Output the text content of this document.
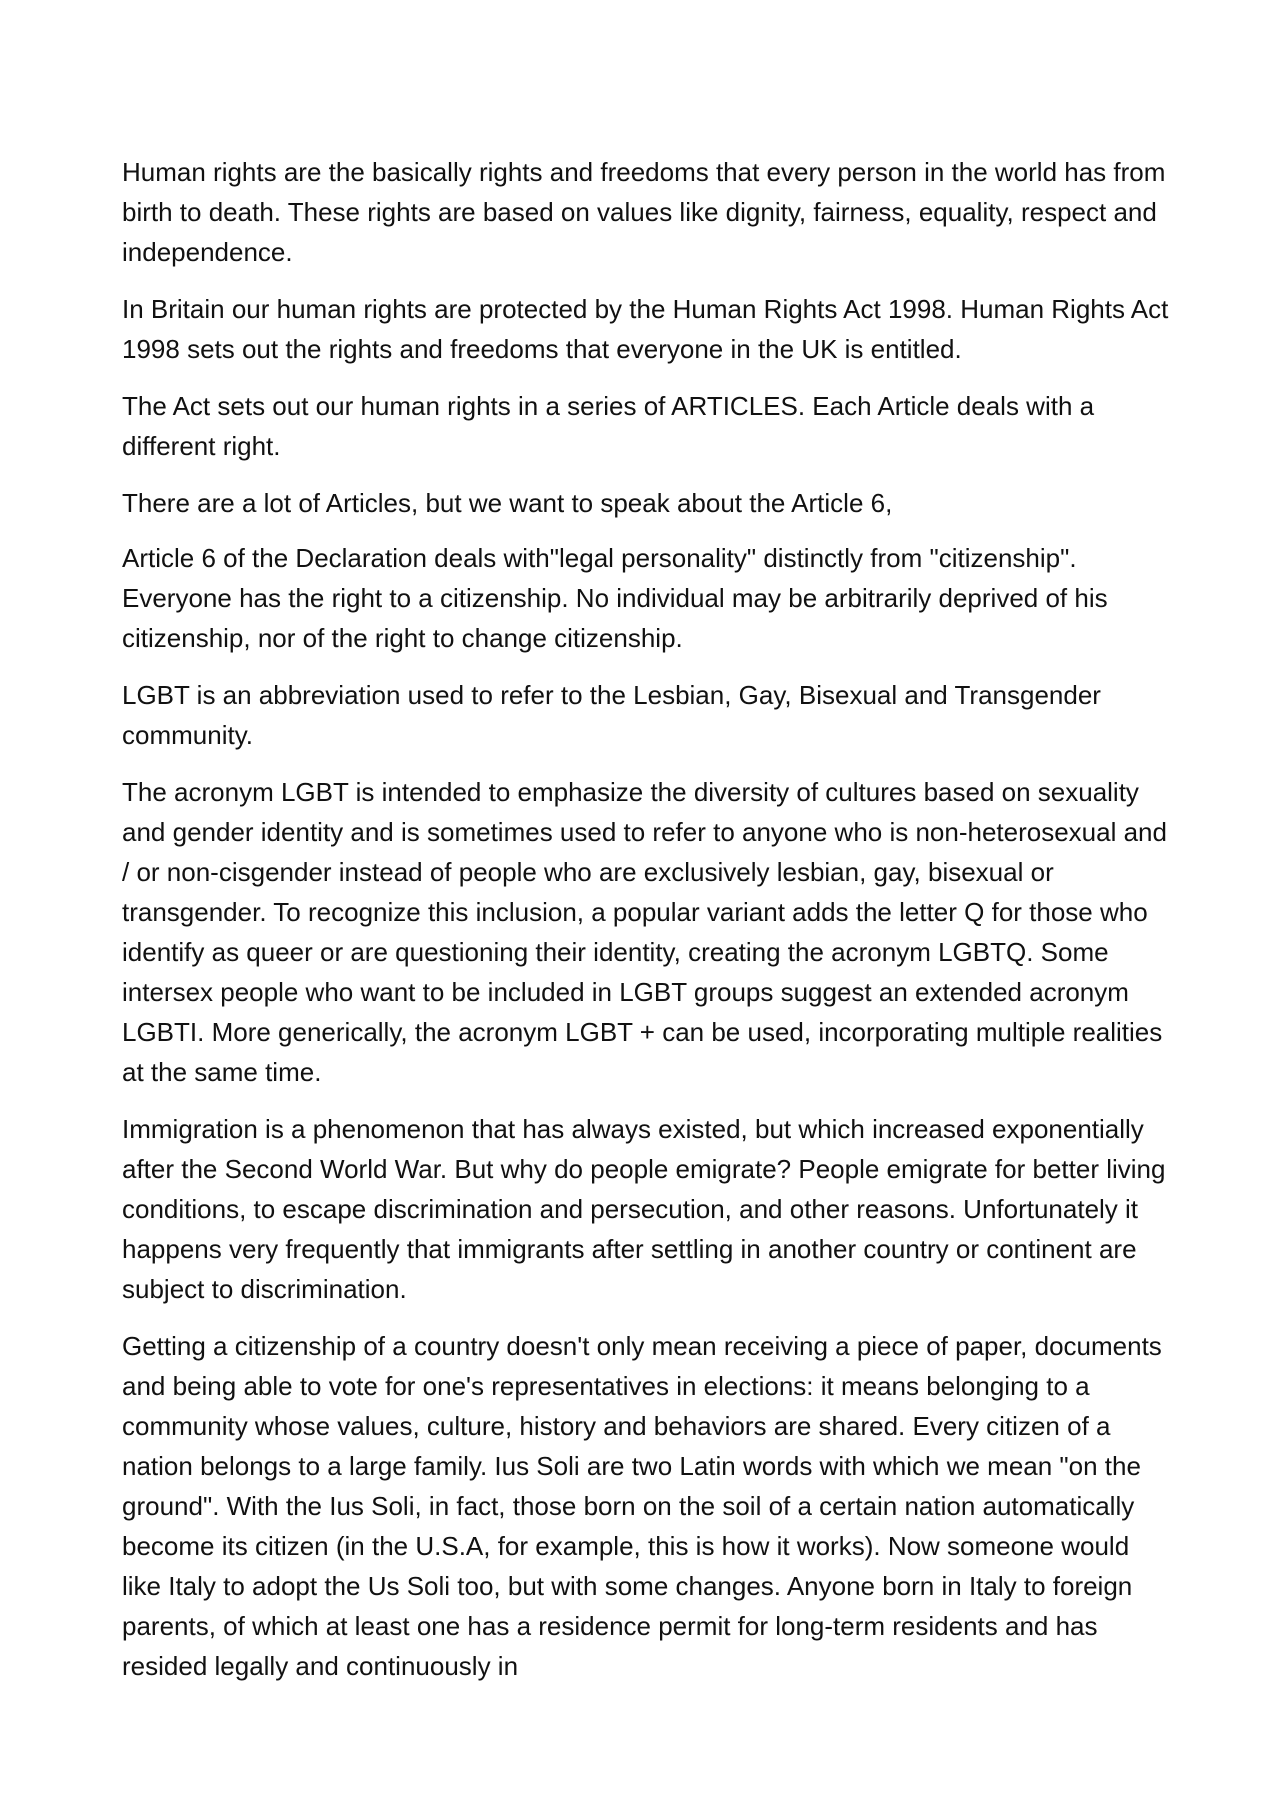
Human rights are the basically rights and freedoms that every person in the world has from birth to death. These rights are based on values like dignity, fairness, equality, respect and independence.

In Britain our human rights are protected by the Human Rights Act 1998. Human Rights Act 1998 sets out the rights and freedoms that everyone in the UK is entitled.

The Act sets out our human rights in a series of ARTICLES. Each Article deals with a different right.

There are a lot of Articles, but we want to speak about the Article 6,

Article 6 of the Declaration deals with"legal personality" distinctly from "citizenship". Everyone has the right to a citizenship. No individual may be arbitrarily deprived of his citizenship, nor of the right to change citizenship.

LGBT is an abbreviation used to refer to the Lesbian, Gay, Bisexual and Transgender community.

The acronym LGBT is intended to emphasize the diversity of cultures based on sexuality and gender identity and is sometimes used to refer to anyone who is non-heterosexual and / or non-cisgender instead of people who are exclusively lesbian, gay, bisexual or transgender. To recognize this inclusion, a popular variant adds the letter Q for those who identify as queer or are questioning their identity, creating the acronym LGBTQ. Some intersex people who want to be included in LGBT groups suggest an extended acronym LGBTI. More generically, the acronym LGBT + can be used, incorporating multiple realities at the same time.

Immigration is a phenomenon that has always existed, but which increased exponentially after the Second World War. But why do people emigrate? People emigrate for better living conditions, to escape discrimination and persecution, and other reasons. Unfortunately it happens very frequently that immigrants after settling in another country or continent are subject to discrimination.

Getting a citizenship of a country doesn't only mean receiving a piece of paper, documents and being able to vote for one's representatives in elections: it means belonging to a community whose values, culture, history and behaviors are shared. Every citizen of a nation belongs to a large family. Ius Soli are two Latin words with which we mean "on the ground". With the Ius Soli, in fact, those born on the soil of a certain nation automatically become its citizen (in the U.S.A, for example, this is how it works). Now someone would like Italy to adopt the Us Soli too, but with some changes. Anyone born in Italy to foreign parents, of which at least one has a residence permit for long-term residents and has resided legally and continuously in
